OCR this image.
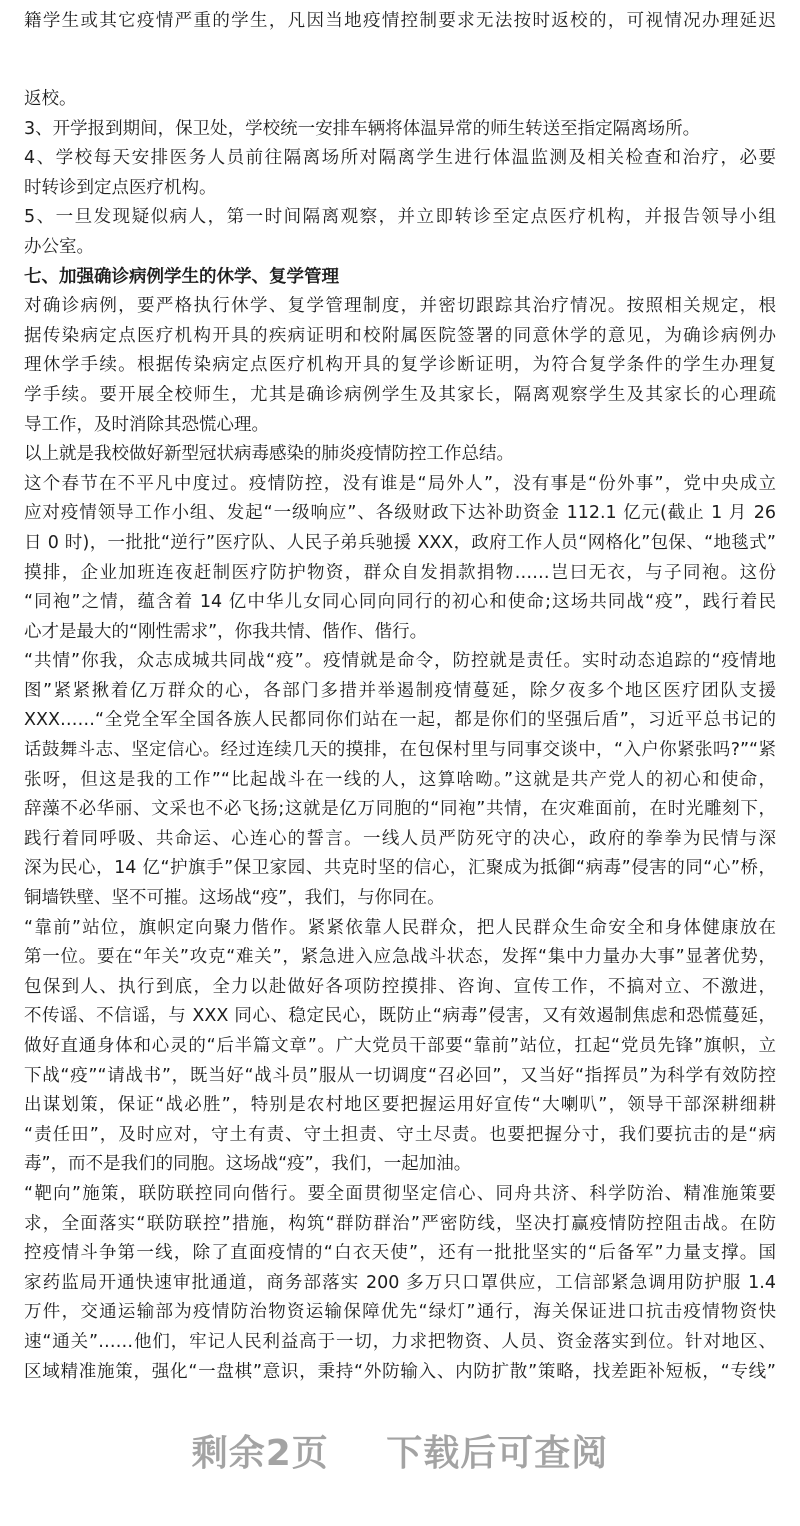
籍学生或其它疫情严重的学生，凡因当地疫情控制要求无法按时返校的，可视情况办理延迟
返校。
3、开学报到期间，保卫处，学校统一安排车辆将体温异常的师生转送至指定隔离场所。
4、学校每天安排医务人员前往隔离场所对隔离学生进行体温监测及相关检查和治疗，必要
时转诊到定点医疗机构。
5、一旦发现疑似病人，第一时间隔离观察，并立即转诊至定点医疗机构，并报告领导小组
办公室。
七、加强确诊病例学生的休学、复学管理
对确诊病例，要严格执行休学、复学管理制度，并密切跟踪其治疗情况。按照相关规定，根
据传染病定点医疗机构开具的疾病证明和校附属医院签署的同意休学的意见，为确诊病例办
理休学手续。根据传染病定点医疗机构开具的复学诊断证明，为符合复学条件的学生办理复
学手续。要开展全校师生，尤其是确诊病例学生及其家长，隔离观察学生及其家长的心理疏
导工作，及时消除其恐慌心理。
以上就是我校做好新型冠状病毒感染的肺炎疫情防控工作总结。
这个春节在不平凡中度过。疫情防控，没有谁是“局外人”，没有事是“份外事”，党中央成立
应对疫情领导工作小组、发起“一级响应”、各级财政下达补助资金 112.1 亿元(截止 1 月 26
日 0 时)，一批批“逆行”医疗队、人民子弟兵驰援 XXX，政府工作人员“网格化”包保、“地毯式”
摸排，企业加班连夜赶制医疗防护物资，群众自发捐款捐物……岂曰无衣，与子同袍。这份
“同袍”之情，蕴含着 14 亿中华儿女同心同向同行的初心和使命;这场共同战“疫”，践行着民
心才是最大的“刚性需求”，你我共情、偕作、偕行。
“共情”你我，众志成城共同战“疫”。疫情就是命令，防控就是责任。实时动态追踪的“疫情地
图”紧紧揪着亿万群众的心，各部门多措并举遏制疫情蔓延，除夕夜多个地区医疗团队支援
XXX……“全党全军全国各族人民都同你们站在一起，都是你们的坚强后盾”，习近平总书记的
话鼓舞斗志、坚定信心。经过连续几天的摸排，在包保村里与同事交谈中，“入户你紧张吗?”“紧
张呀，但这是我的工作”“比起战斗在一线的人，这算啥呦。”这就是共产党人的初心和使命，
辞藻不必华丽、文采也不必飞扬;这就是亿万同胞的“同袍”共情，在灾难面前，在时光雕刻下，
践行着同呼吸、共命运、心连心的誓言。一线人员严防死守的决心，政府的拳拳为民情与深
深为民心，14 亿“护旗手”保卫家园、共克时坚的信心，汇聚成为抵御“病毒”侵害的同“心”桥，
铜墙铁壁、坚不可摧。这场战“疫”，我们，与你同在。
“靠前”站位，旗帜定向聚力偕作。紧紧依靠人民群众，把人民群众生命安全和身体健康放在
第一位。要在“年关”攻克“难关”，紧急进入应急战斗状态，发挥“集中力量办大事”显著优势，
包保到人、执行到底，全力以赴做好各项防控摸排、咨询、宣传工作，不搞对立、不激进，
不传谣、不信谣，与 XXX 同心、稳定民心，既防止“病毒”侵害，又有效遏制焦虑和恐慌蔓延，
做好直通身体和心灵的“后半篇文章”。广大党员干部要“靠前”站位，扛起“党员先锋”旗帜，立
下战“疫”“请战书”，既当好“战斗员”服从一切调度“召必回”，又当好“指挥员”为科学有效防控
出谋划策，保证“战必胜”，特别是农村地区要把握运用好宣传“大喇叭”，领导干部深耕细耕
“责任田”，及时应对，守土有责、守土担责、守土尽责。也要把握分寸，我们要抗击的是“病
毒”，而不是我们的同胞。这场战“疫”，我们，一起加油。
“靶向”施策，联防联控同向偕行。要全面贯彻坚定信心、同舟共济、科学防治、精准施策要
求，全面落实“联防联控”措施，构筑“群防群治”严密防线，坚决打赢疫情防控阻击战。在防
控疫情斗争第一线，除了直面疫情的“白衣天使”，还有一批批坚实的“后备军”力量支撑。国
家药监局开通快速审批通道，商务部落实 200 多万只口罩供应，工信部紧急调用防护服 1.4
万件，交通运输部为疫情防治物资运输保障优先“绿灯”通行，海关保证进口抗击疫情物资快
速“通关”……他们，牢记人民利益高于一切，力求把物资、人员、资金落实到位。针对地区、
区域精准施策，强化“一盘棋”意识，秉持“外防输入、内防扩散”策略，找差距补短板，“专线”
剩余2页 下载后可查阅
